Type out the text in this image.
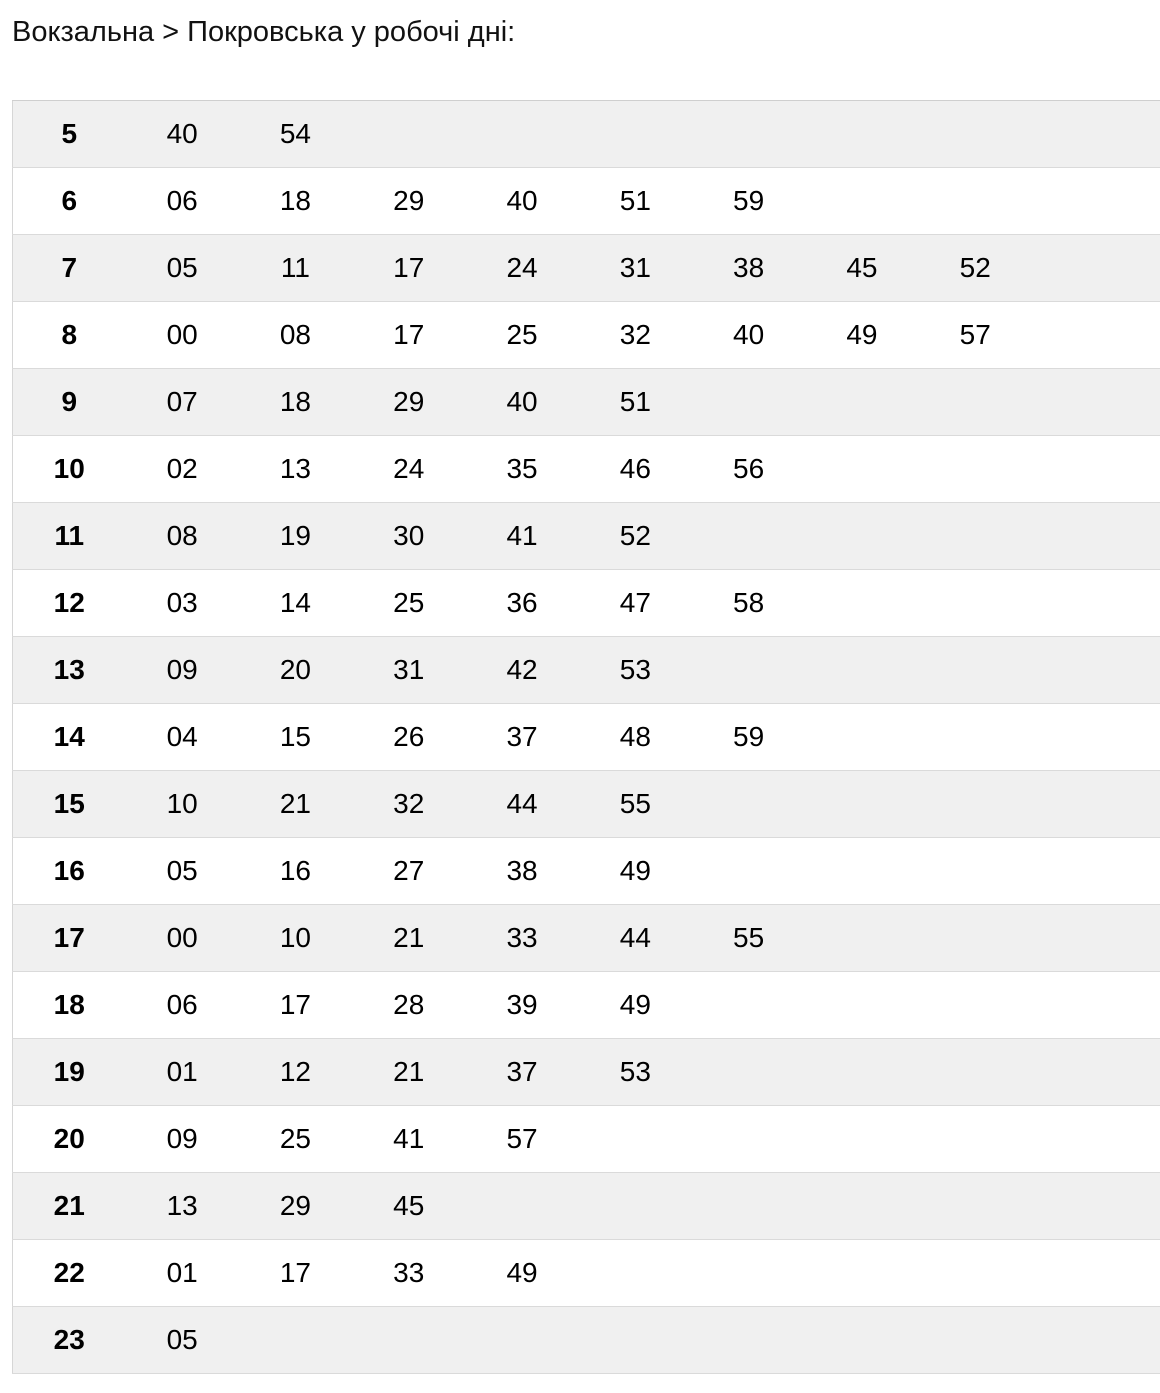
Вокзальна > Покровська у робочі дні:
5	40	54							
6	06	18	29	40	51	59			
7	05	11	17	24	31	38	45	52	
8	00	08	17	25	32	40	49	57	
9	07	18	29	40	51				
10	02	13	24	35	46	56			
11	08	19	30	41	52				
12	03	14	25	36	47	58			
13	09	20	31	42	53				
14	04	15	26	37	48	59			
15	10	21	32	44	55				
16	05	16	27	38	49				
17	00	10	21	33	44	55			
18	06	17	28	39	49				
19	01	12	21	37	53				
20	09	25	41	57					
21	13	29	45						
22	01	17	33	49					
23	05								
